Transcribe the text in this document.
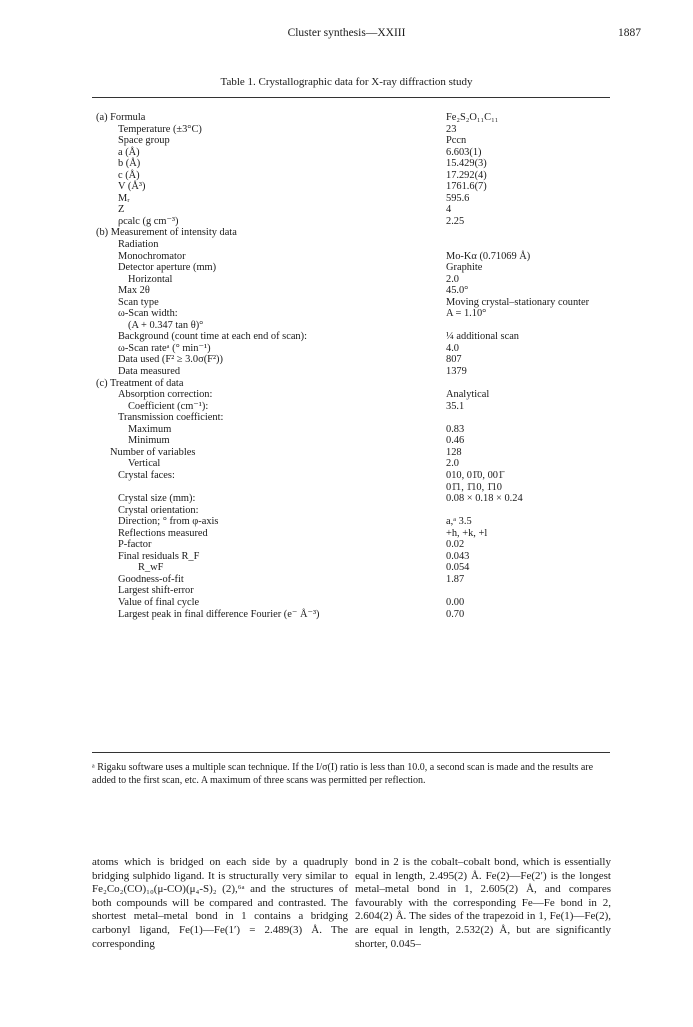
Cluster synthesis—XXIII	1887
Table 1. Crystallographic data for X-ray diffraction study
(a) Formula	Fe₂S₂O₁₁C₁₁
Temperature (±3°C)	23
Space group	Pccn
a (Å)	6.603(1)
b (Å)	15.429(3)
c (Å)	17.292(4)
V (Å³)	1761.6(7)
Mᵣ	595.6
Z	4
ρcalc (g cm⁻³)	2.25
(b) Measurement of intensity data	
Radiation	
Monochromator	Mo-Kα (0.71069 Å)
Detector aperture (mm)	Graphite
Horizontal	2.0
Max 2θ	45.0°
Scan type	Moving crystal–stationary counter
ω-Scan width:	A = 1.10°
(A + 0.347 tan θ)°	
Background (count time at each end of scan):	¼ additional scan
ω-Scan rateᵃ (° min⁻¹)	4.0
Data used (F² ≥ 3.0σ(F²))	807
Data measured	1379
(c) Treatment of data	
Absorption correction:	Analytical
Coefficient (cm⁻¹):	35.1
Transmission coefficient:	
Maximum	0.83
Minimum	0.46
Number of variables	128
Vertical	2.0
Crystal faces:	010, 01̄0, 001̄
	01̄1, 1̄10, 1̄10
Crystal size (mm):	0.08 × 0.18 × 0.24
Crystal orientation:	
Direction; ° from φ-axis	a,ᵃ 3.5
Reflections measured	+h, +k, +l
P-factor	0.02
Final residuals R_F	0.043
R_wF	0.054
Goodness-of-fit	1.87
Largest shift-error	
Value of final cycle	0.00
Largest peak in final difference Fourier (e⁻ Å⁻³)	0.70
ᵃ Rigaku software uses a multiple scan technique. If the I/σ(I) ratio is less than 10.0, a second scan is made and the results are added to the first scan, etc. A maximum of three scans was permitted per reflection.

atoms which is bridged on each side by a quadruply bridging sulphido ligand. It is structurally very similar to Fe₂Co₂(CO)₁₀(μ-CO)(μ₄-S)₂ (2),⁶ᵃ and the structures of both compounds will be compared and contrasted. The shortest metal–metal bond in 1 contains a bridging carbonyl ligand, Fe(1)—Fe(1′) = 2.489(3) Å. The corresponding

bond in 2 is the cobalt–cobalt bond, which is essentially equal in length, 2.495(2) Å. Fe(2)—Fe(2′) is the longest metal–metal bond in 1, 2.605(2) Å, and compares favourably with the corresponding Fe—Fe bond in 2, 2.604(2) Å. The sides of the trapezoid in 1, Fe(1)—Fe(2), are equal in length, 2.532(2) Å, but are significantly shorter, 0.045–
